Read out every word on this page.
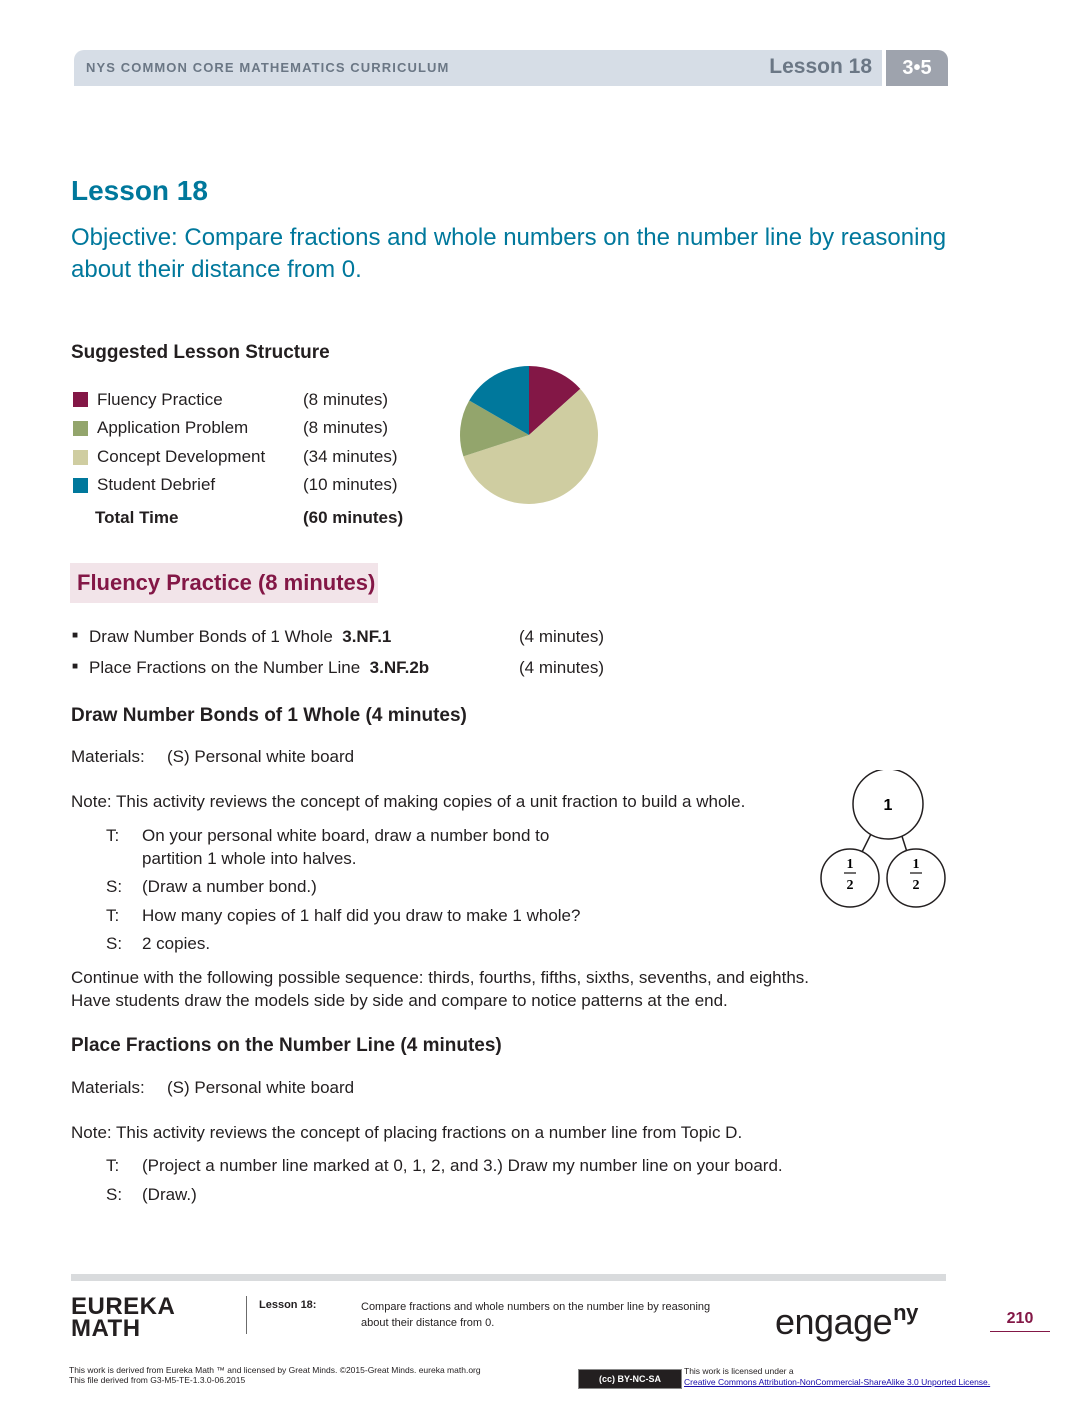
NYS COMMON CORE MATHEMATICS CURRICULUM	Lesson 18	3•5
Lesson 18
Objective: Compare fractions and whole numbers on the number line by reasoning about their distance from 0.
Suggested Lesson Structure
Fluency Practice	(8 minutes)
Application Problem	(8 minutes)
Concept Development (34 minutes)
Student Debrief	(10 minutes)
Total Time	(60 minutes)
Fluency Practice (8 minutes)
■ Draw Number Bonds of 1 Whole 3.NF.1	(4 minutes)
■ Place Fractions on the Number Line 3.NF.2b	(4 minutes)
Draw Number Bonds of 1 Whole (4 minutes)
Materials: (S) Personal white board
Note: This activity reviews the concept of making copies of a unit fraction to build a whole.
T: On your personal white board, draw a number bond to
partition 1 whole into halves.
S: (Draw a number bond.)
T: How many copies of 1 half did you draw to make 1 whole?
S: 2 copies.
Continue with the following possible sequence: thirds, fourths, fifths, sixths, sevenths, and eighths.
Have students draw the models side by side and compare to notice patterns at the end.
1
1
2
1
2
Place Fractions on the Number Line (4 minutes)
Materials: (S) Personal white board
Note: This activity reviews the concept of placing fractions on a number line from Topic D.
T: (Project a number line marked at 0, 1, 2, and 3.) Draw my number line on your board.
S: (Draw.)
EUREKA
MATH
Lesson 18:	Compare fractions and whole numbers on the number line by reasoning about their distance from 0.	engage$^{ny}$	210
This work is derived from Eureka Math ™ and licensed by Great Minds. ©2015-Great Minds. eureka math.org
This file derived from G3-M5-TE-1.3.0-06.2015	(cc) BY-NC-SA
This work is licensed under a
Creative Commons Attribution-NonCommercial-ShareAlike 3.0 Unported License.
